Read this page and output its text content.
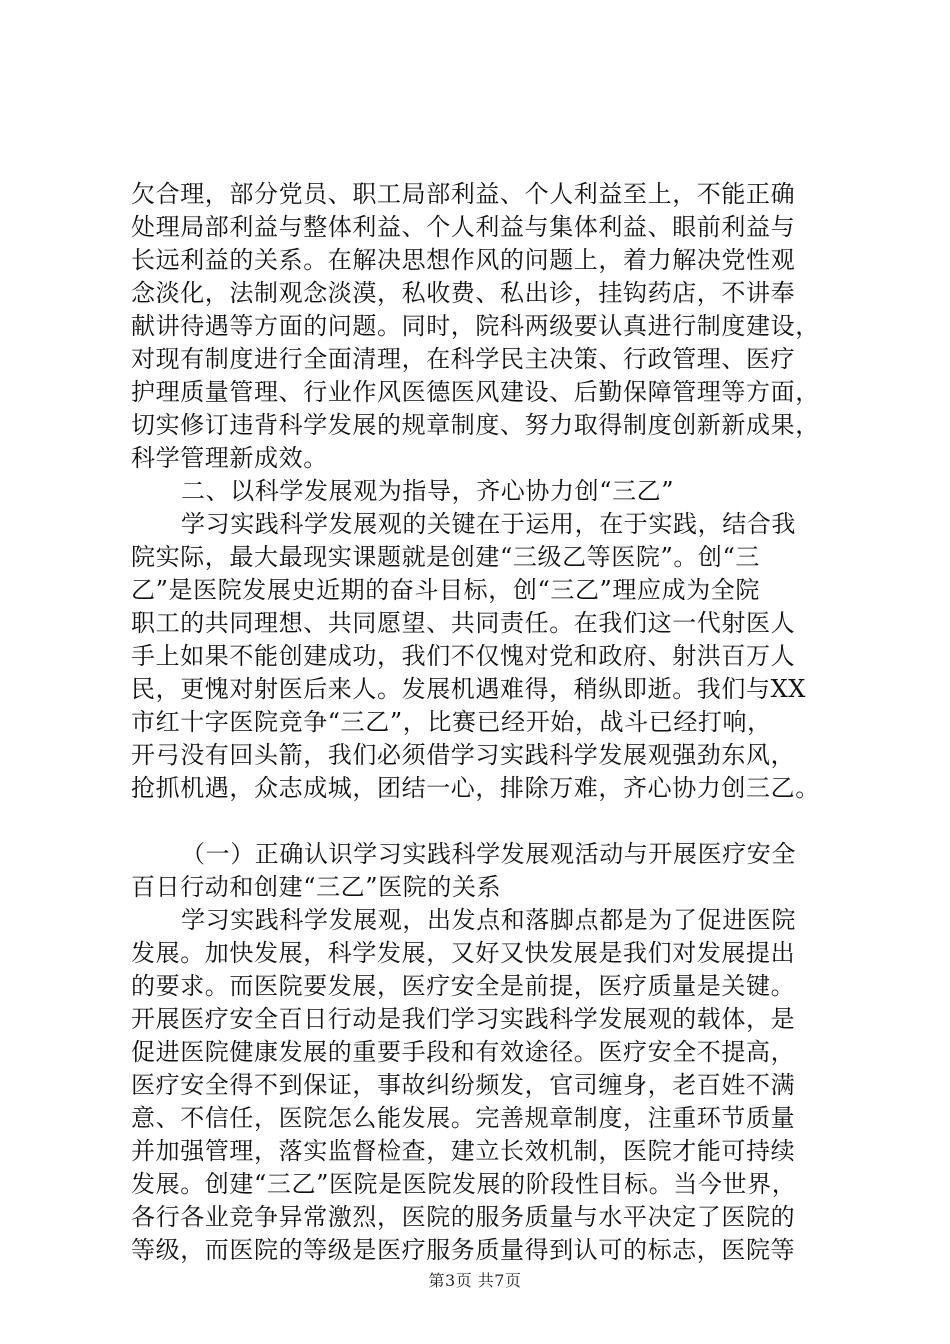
欠合理，部分党员、职工局部利益、个人利益至上，不能正确
处理局部利益与整体利益、个人利益与集体利益、眼前利益与
长远利益的关系。在解决思想作风的问题上，着力解决党性观
念淡化，法制观念淡漠，私收费、私出诊，挂钩药店，不讲奉
献讲待遇等方面的问题。同时，院科两级要认真进行制度建设，
对现有制度进行全面清理，在科学民主决策、行政管理、医疗
护理质量管理、行业作风医德医风建设、后勤保障管理等方面，
切实修订违背科学发展的规章制度、努力取得制度创新新成果，
科学管理新成效。
二、以科学发展观为指导，齐心协力创“三乙”
学习实践科学发展观的关键在于运用，在于实践，结合我
院实际，最大最现实课题就是创建“三级乙等医院”。创“三
乙”是医院发展史近期的奋斗目标，创“三乙”理应成为全院
职工的共同理想、共同愿望、共同责任。在我们这一代射医人
手上如果不能创建成功，我们不仅愧对党和政府、射洪百万人
民，更愧对射医后来人。发展机遇难得，稍纵即逝。我们与XX
市红十字医院竞争“三乙”，比赛已经开始，战斗已经打响，
开弓没有回头箭，我们必须借学习实践科学发展观强劲东风，
抢抓机遇，众志成城，团结一心，排除万难，齐心协力创三乙。
（一）正确认识学习实践科学发展观活动与开展医疗安全
百日行动和创建“三乙”医院的关系
学习实践科学发展观，出发点和落脚点都是为了促进医院
发展。加快发展，科学发展，又好又快发展是我们对发展提出
的要求。而医院要发展，医疗安全是前提，医疗质量是关键。
开展医疗安全百日行动是我们学习实践科学发展观的载体，是
促进医院健康发展的重要手段和有效途径。医疗安全不提高，
医疗安全得不到保证，事故纠纷频发，官司缠身，老百姓不满
意、不信任，医院怎么能发展。完善规章制度，注重环节质量
并加强管理，落实监督检查，建立长效机制，医院才能可持续
发展。创建“三乙”医院是医院发展的阶段性目标。当今世界，
各行各业竞争异常激烈，医院的服务质量与水平决定了医院的
等级，而医院的等级是医疗服务质量得到认可的标志，医院等
第3页 共7页
